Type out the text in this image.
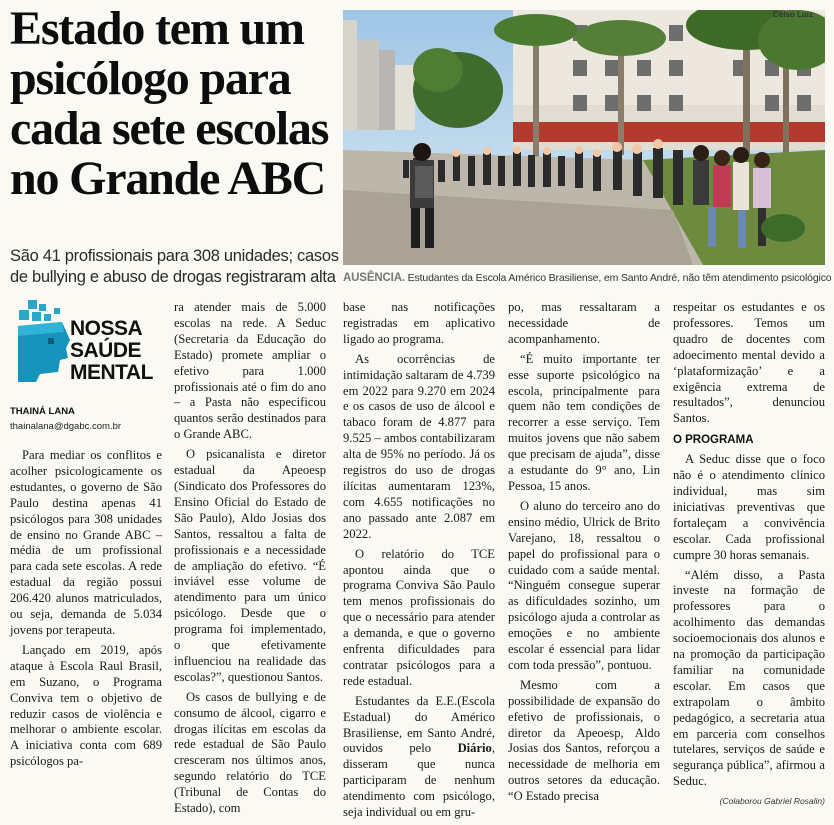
Estado tem um psicólogo para cada sete escolas no Grande ABC
São 41 profissionais para 308 unidades; casos de bullying e abuso de drogas registraram alta
Celso Luiz
AUSÊNCIA. Estudantes da Escola Américo Brasiliense, em Santo André, não têm atendimento psicológico
NOSSA
SAÚDE
MENTAL
THAINÁ LANA
thainalana@dgabc.com.br

Para mediar os conflitos e acolher psicologicamente os estudantes, o governo de São Paulo destina apenas 41 psicólogos para 308 unidades de ensino no Grande ABC – média de um profissional para cada sete escolas. A rede estadual da região possui 206.420 alunos matriculados, ou seja, demanda de 5.034 jovens por terapeuta.

Lançado em 2019, após ataque à Escola Raul Brasil, em Suzano, o Programa Conviva tem o objetivo de reduzir casos de violência e melhorar o ambiente escolar. A iniciativa conta com 689 psicólogos pa-

ra atender mais de 5.000 escolas na rede. A Seduc (Secretaria da Educação do Estado) promete ampliar o efetivo para 1.000 profissionais até o fim do ano – a Pasta não especificou quantos serão destinados para o Grande ABC.

O psicanalista e diretor estadual da Apeoesp (Sindicato dos Professores do Ensino Oficial do Estado de São Paulo), Aldo Josias dos Santos, ressaltou a falta de profissionais e a necessidade de ampliação do efetivo. “É inviável esse volume de atendimento para um único psicólogo. Desde que o programa foi implementado, o que efetivamente influenciou na realidade das escolas?”, questionou Santos.

Os casos de bullying e de consumo de álcool, cigarro e drogas ilícitas em escolas da rede estadual de São Paulo cresceram nos últimos anos, segundo relatório do TCE (Tribunal de Contas do Estado), com

base nas notificações registradas em aplicativo ligado ao programa.

As ocorrências de intimidação saltaram de 4.739 em 2022 para 9.270 em 2024 e os casos de uso de álcool e tabaco foram de 4.877 para 9.525 – ambos contabilizaram alta de 95% no período. Já os registros do uso de drogas ilícitas aumentaram 123%, com 4.655 notificações no ano passado ante 2.087 em 2022.

O relatório do TCE apontou ainda que o programa Conviva São Paulo tem menos profissionais do que o necessário para atender a demanda, e que o governo enfrenta dificuldades para contratar psicólogos para a rede estadual.

Estudantes da E.E.(Escola Estadual) do Américo Brasiliense, em Santo André, ouvidos pelo Diário, disseram que nunca participaram de nenhum atendimento com psicólogo, seja individual ou em gru-

po, mas ressaltaram a necessidade de acompanhamento.

“É muito importante ter esse suporte psicológico na escola, principalmente para quem não tem condições de recorrer a esse serviço. Tem muitos jovens que não sabem que precisam de ajuda”, disse a estudante do 9° ano, Lin Pessoa, 15 anos.

O aluno do terceiro ano do ensino médio, Ulrick de Brito Varejano, 18, ressaltou o papel do profissional para o cuidado com a saúde mental. “Ninguém consegue superar as dificuldades sozinho, um psicólogo ajuda a controlar as emoções e no ambiente escolar é essencial para lidar com toda pressão”, pontuou.

Mesmo com a possibilidade de expansão do efetivo de profissionais, o diretor da Apeoesp, Aldo Josias dos Santos, reforçou a necessidade de melhoria em outros setores da educação. “O Estado precisa

respeitar os estudantes e os professores. Temos um quadro de docentes com adoecimento mental devido a ‘plataformização’ e a exigência extrema de resultados”, denunciou Santos.

O PROGRAMA

A Seduc disse que o foco não é o atendimento clínico individual, mas sim iniciativas preventivas que fortaleçam a convivência escolar. Cada profissional cumpre 30 horas semanais.

“Além disso, a Pasta investe na formação de professores para o acolhimento das demandas socioemocionais dos alunos e na promoção da participação familiar na comunidade escolar. Em casos que extrapolam o âmbito pedagógico, a secretaria atua em parceria com conselhos tutelares, serviços de saúde e segurança pública”, afirmou a Seduc.

(Colaborou Gabriel Rosalin)
